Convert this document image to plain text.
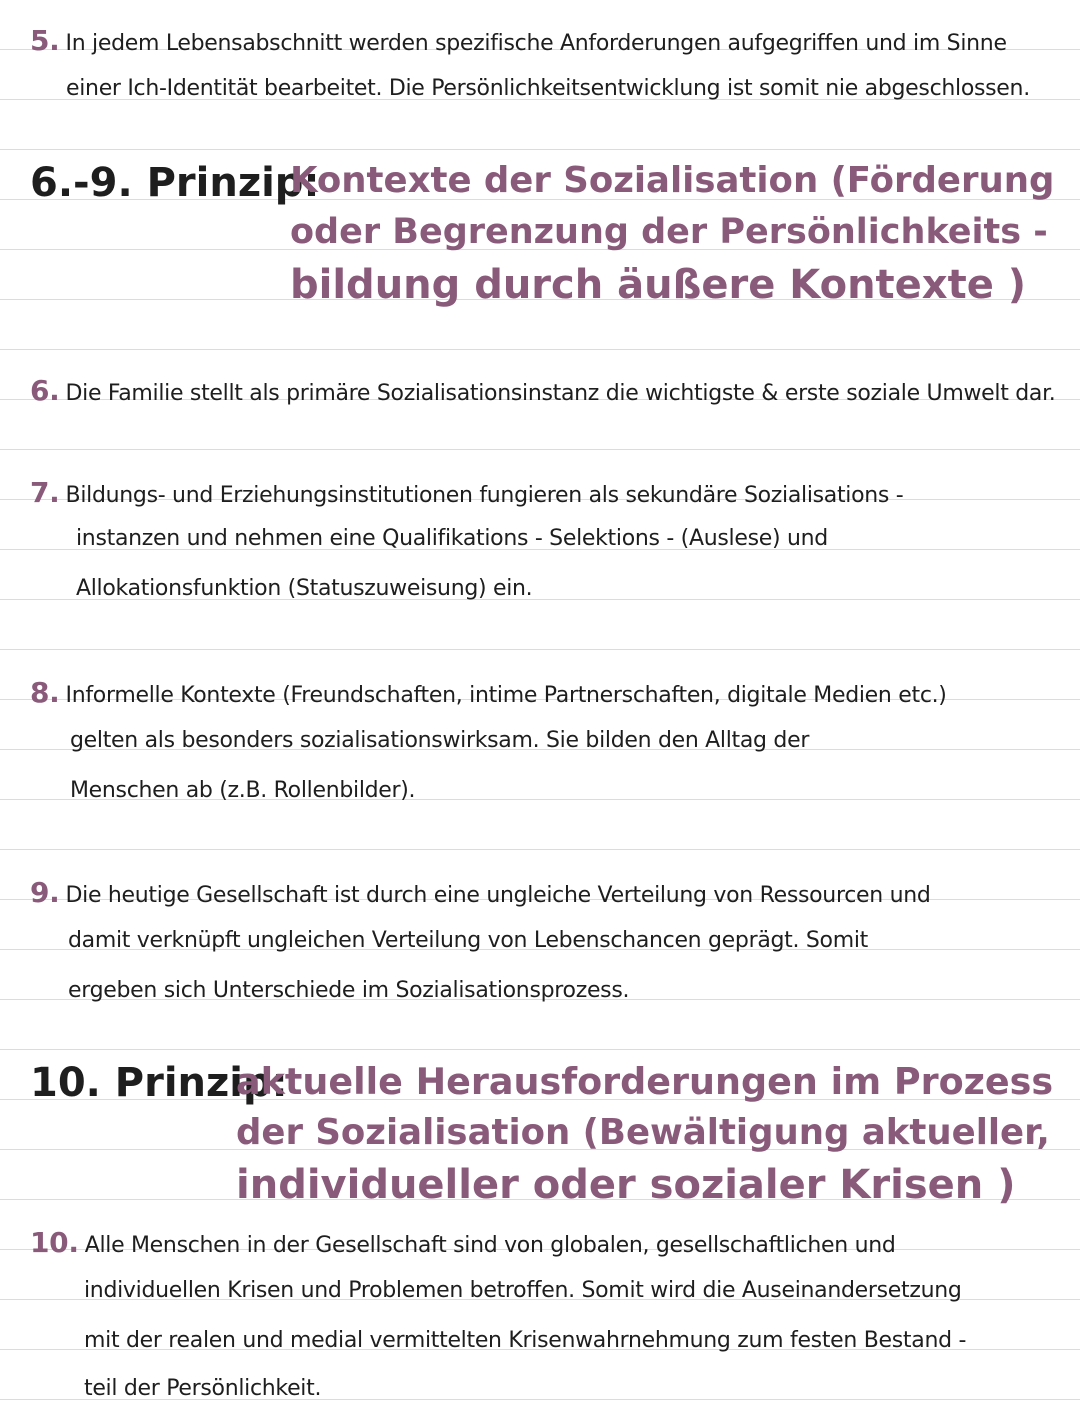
5. In jedem Lebensabschnitt werden spezifische Anforderungen aufgegriffen und im Sinne
einer Ich-Identität bearbeitet. Die Persönlichkeitsentwicklung ist somit nie abgeschlossen.
6.-9. Prinzip:
Kontexte der Sozialisation (Förderung
oder Begrenzung der Persönlichkeits -
bildung durch äußere Kontexte )
6. Die Familie stellt als primäre Sozialisationsinstanz die wichtigste & erste soziale Umwelt dar.
7. Bildungs- und Erziehungsinstitutionen fungieren als sekundäre Sozialisations -
instanzen und nehmen eine Qualifikations - Selektions - (Auslese) und
Allokationsfunktion (Statuszuweisung) ein.
8. Informelle Kontexte (Freundschaften, intime Partnerschaften, digitale Medien etc.)
gelten als besonders sozialisationswirksam. Sie bilden den Alltag der
Menschen ab (z.B. Rollenbilder).
9. Die heutige Gesellschaft ist durch eine ungleiche Verteilung von Ressourcen und
damit verknüpft ungleichen Verteilung von Lebenschancen geprägt. Somit
ergeben sich Unterschiede im Sozialisationsprozess.
10. Prinzip:
aktuelle Herausforderungen im Prozess
der Sozialisation (Bewältigung aktueller,
individueller oder sozialer Krisen )
10. Alle Menschen in der Gesellschaft sind von globalen, gesellschaftlichen und
individuellen Krisen und Problemen betroffen. Somit wird die Auseinandersetzung
mit der realen und medial vermittelten Krisenwahrnehmung zum festen Bestand -
teil der Persönlichkeit.
